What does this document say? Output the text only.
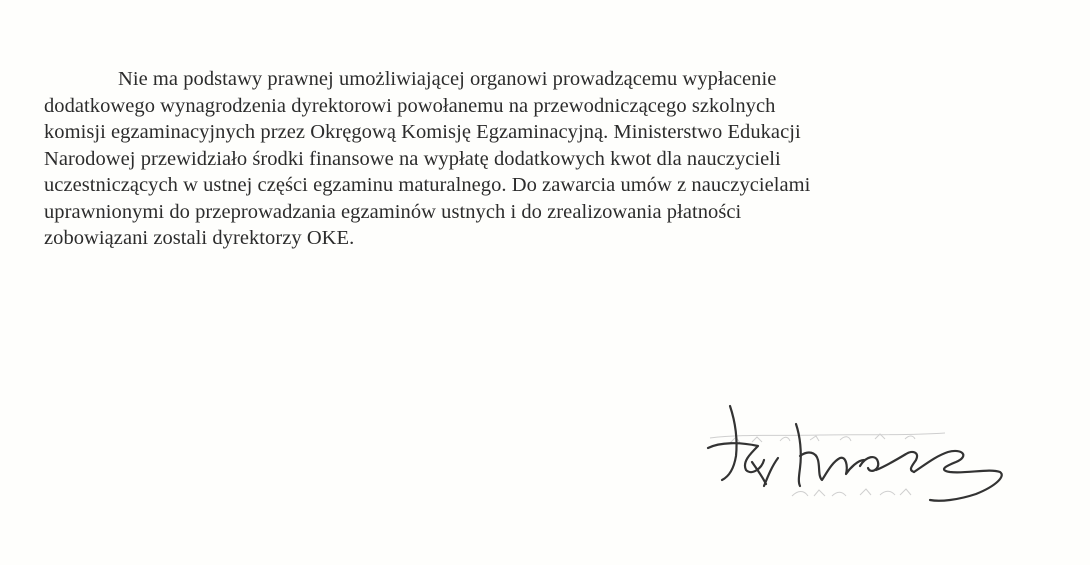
Nie ma podstawy prawnej umożliwiającej organowi prowadzącemu wypłacenie
dodatkowego wynagrodzenia dyrektorowi powołanemu na przewodniczącego szkolnych
komisji egzaminacyjnych przez Okręgową Komisję Egzaminacyjną. Ministerstwo Edukacji
Narodowej przewidziało środki finansowe na wypłatę dodatkowych kwot dla nauczycieli
uczestniczących w ustnej części egzaminu maturalnego. Do zawarcia umów z nauczycielami
uprawnionymi do przeprowadzania egzaminów ustnych i do zrealizowania płatności
zobowiązani zostali dyrektorzy OKE.
